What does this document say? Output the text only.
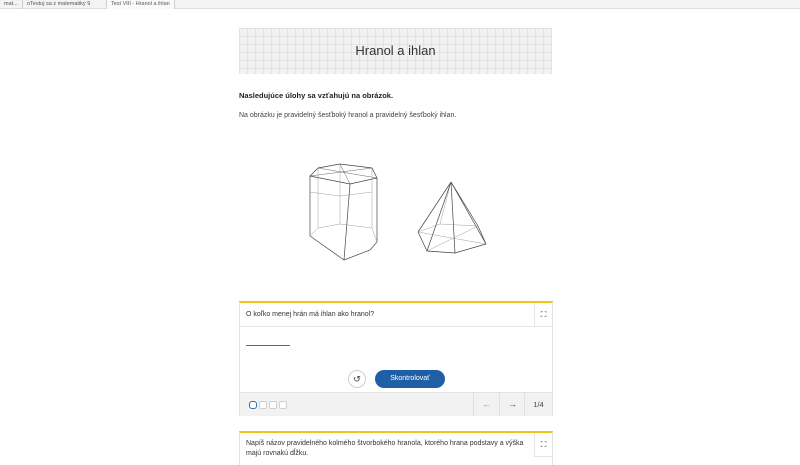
mat...	oTestuj sa z matematiky 9	Test VIII - Hranol a ihlan
Hranol a ihlan
Nasledujúce úlohy sa vzťahujú na obrázok.
Na obrázku je pravidelný šesťboký hranol a pravidelný šesťboký ihlan.
O koľko menej hrán má ihlan ako hranol?	⛶
↺	Skontrolovať
←	→	1/4
Napíš názov pravidelného kolmého štvorbokého hranola, ktorého hrana podstavy a výška majú rovnakú dĺžku.
⛶
